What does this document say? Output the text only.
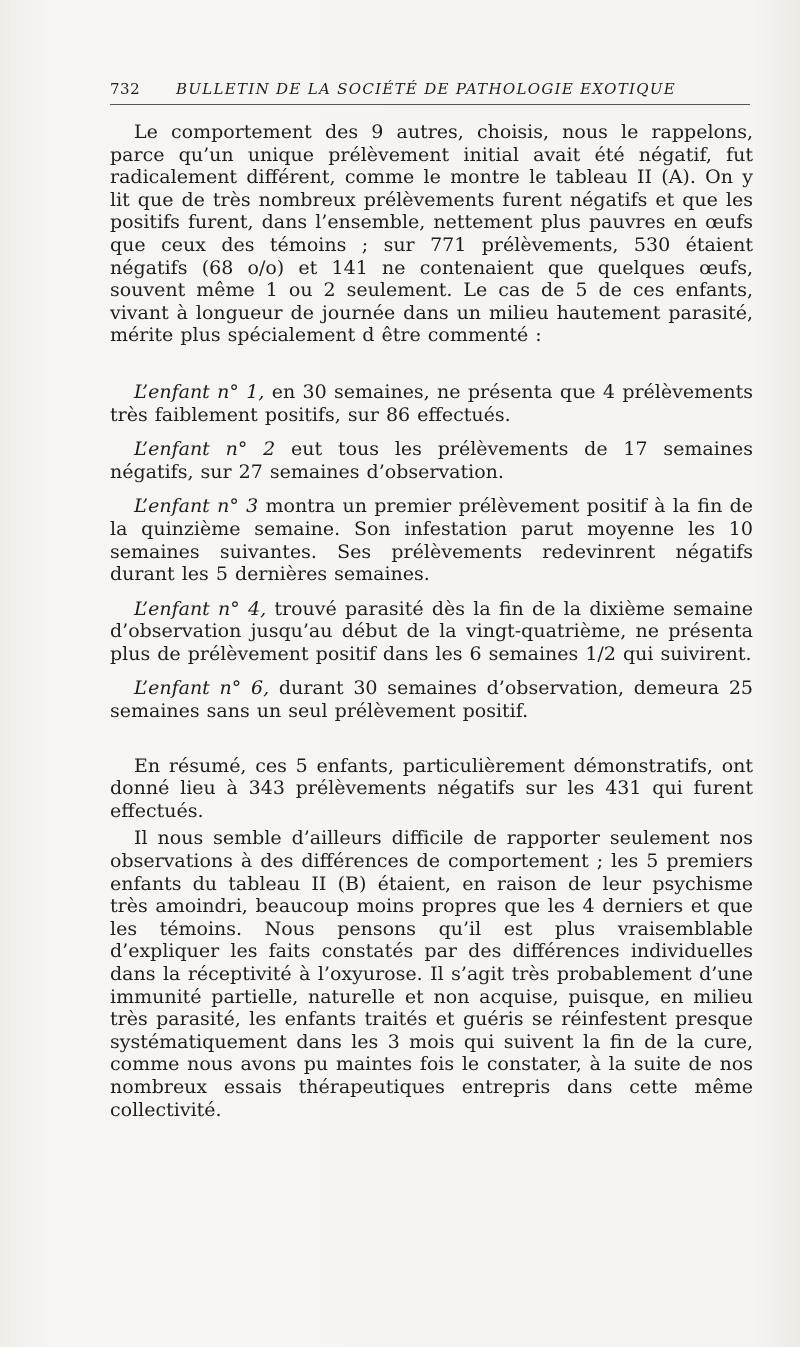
732 BULLETIN DE LA SOCIÉTÉ DE PATHOLOGIE EXOTIQUE

Le comportement des 9 autres, choisis, nous le rappelons, parce qu’un unique prélèvement initial avait été négatif, fut radicalement différent, comme le montre le tableau II (A). On y lit que de très nombreux prélèvements furent négatifs et que les positifs furent, dans l’ensemble, nettement plus pauvres en œufs que ceux des témoins ; sur 771 prélèvements, 530 étaient négatifs (68 o/o) et 141 ne contenaient que quelques œufs, souvent même 1 ou 2 seulement. Le cas de 5 de ces enfants, vivant à longueur de journée dans un milieu hautement parasité, mérite plus spécialement d être commenté :

L’enfant n° 1, en 30 semaines, ne présenta que 4 prélèvements très faiblement positifs, sur 86 effectués.

L’enfant n° 2 eut tous les prélèvements de 17 semaines négatifs, sur 27 semaines d’observation.

L’enfant n° 3 montra un premier prélèvement positif à la fin de la quinzième semaine. Son infestation parut moyenne les 10 semaines suivantes. Ses prélèvements redevinrent négatifs durant les 5 dernières semaines.

L’enfant n° 4, trouvé parasité dès la fin de la dixième semaine d’observation jusqu’au début de la vingt-quatrième, ne présenta plus de prélèvement positif dans les 6 semaines 1/2 qui suivirent.

L’enfant n° 6, durant 30 semaines d’observation, demeura 25 semaines sans un seul prélèvement positif.

En résumé, ces 5 enfants, particulièrement démonstratifs, ont donné lieu à 343 prélèvements négatifs sur les 431 qui furent effectués.

Il nous semble d’ailleurs difficile de rapporter seulement nos observations à des différences de comportement ; les 5 premiers enfants du tableau II (B) étaient, en raison de leur psychisme très amoindri, beaucoup moins propres que les 4 derniers et que les témoins. Nous pensons qu’il est plus vraisemblable d’expliquer les faits constatés par des différences individuelles dans la réceptivité à l’oxyurose. Il s’agit très probablement d’une immunité partielle, naturelle et non acquise, puisque, en milieu très parasité, les enfants traités et guéris se réinfestent presque systématiquement dans les 3 mois qui suivent la fin de la cure, comme nous avons pu maintes fois le constater, à la suite de nos nombreux essais thérapeutiques entrepris dans cette même collectivité.
